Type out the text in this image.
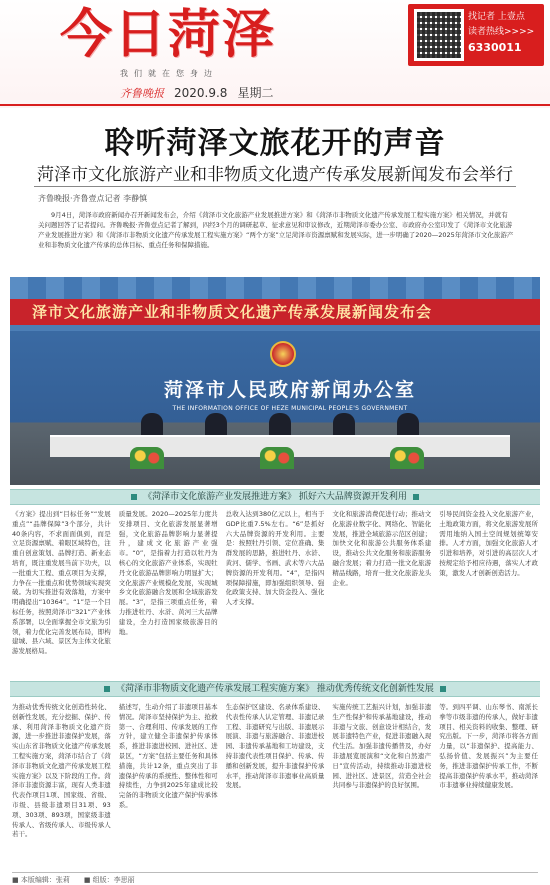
今日菏泽
我们就在您身边
齐鲁晚报 2020.9.8 星期二
找记者 上壹点
读者热线>>>>
6330011
聆听菏泽文旅花开的声音
菏泽市文化旅游产业和非物质文化遗产传承发展新闻发布会举行
齐鲁晚报·齐鲁壹点记者 李静慎
9月4日，菏泽市政府新闻办召开新闻发布会，介绍《菏泽市文化旅游产业发展推进方案》和《菏泽市非物质文化遗产传承发展工程实施方案》相关情况，并就有关问题回答了记者提问。齐鲁晚报·齐鲁壹点记者了解到，四经3个月的调研起草、征求意见和审议修改，近期菏泽市委办公室、市政府办公室印发了《菏泽市文化旅游产业发展推进方案》和《菏泽市非物质文化遗产传承发展工程实施方案》“两个方案”立足菏泽市资源禀赋和发展实际，进一步明确了2020—2025年菏泽市文化旅游产业和非物质文化遗产传承的总体目标、重点任务和保障措施。
泽市文化旅游产业和非物质文化遗产传承发展新闻发布会
菏泽市人民政府新闻办公室
THE INFORMATION OFFICE OF HEZE MUNICIPAL PEOPLE'S GOVERNMENT
《菏泽市文化旅游产业发展推进方案》 抓好六大品牌资源开发利用
《方案》提出到“目标任务”“发展重点”“品牌保障”3个部分，共计40条内容，不求面面俱到，而是立足资源禀赋、着眼区域特色，注重自创意策划、品牌打造、新业态培育，既注重发展当前下功夫，以一批重大工程、重点项目为支撑，力争在一批重点和优势领域实现突破。为切实推进有效落地，方案中明确提出“10364”。“1”是一个目标任务，按照菏泽市“321”产业体系部署，以全面掌握全市文旅为引领，着力优化完善发展布局，即构建城、县六域、景区为主体文化旅游发展格局。
质量发展。2020—2025年力度共安排项目、文化旅游发展显著增强，文化旅游品牌影响力显著提升，建成文化旅游产业强市。“0”，是指着力打造以牡丹为核心的文化旅游产业体系，实现牡丹文化旅游品牌影响力明显扩大；文化旅游产业规模化发展，实现城乡文化旅游融合发展和全域旅游发展。“3”，是指三项重点任务，着力推进牡丹、水浒、黄河三大品牌建设，全力打造国家级旅游目的地。
总收入达到380亿元以上，相当于GDP比重7.5%左右。“6”是抓好六大品牌资源的开发利用。主要是：按照牡丹引领、定位准确、集群发展的思路，推进牡丹、水浒、黄河、儒学、书画、武术等六大品牌资源的开发利用。“4”，是指四项保障措施，即加强组织领导、强化政策支持、加大资金投入、强化人才支撑。
文化和旅游消费促进行动；推动文化旅游业数字化、网络化、智能化发展，推进全域旅游示范区创建；加快文化和旅游公共服务体系建设，推动公共文化服务和旅游服务融合发展；着力打造一批文化旅游精品线路，培育一批文化旅游龙头企业。
引导民间资金投入文化旅游产业，土地政策方面，将文化旅游发展所需用地纳入国土空间规划统筹安排。人才方面，加强文化旅游人才引进和培养，对引进的高层次人才按规定给予相应待遇，落实人才政策，激发人才创新创造活力。
《菏泽市非物质文化遗产传承发展工程实施方案》 推动优秀传统文化创新性发展
为推动优秀传统文化创造性转化、创新性发展，充分挖掘、保护、传承、利用菏泽非物质文化遗产资源，进一步推进非遗保护发展，落实山东省非物质文化遗产传承发展工程实施方案，菏泽市结合了《菏泽市非物质文化遗产传承发展工程实施方案》以及下阶段的工作。菏泽市非遗资源丰富，现有人类非遗代表作项目1项、国家级、省级、市级、县级非遗项目31项、93项、303项、893项，国家级非遗传承人、省级传承人、市级传承人若干。
描述写，生动介绍了非遗项目基本情况。菏泽市坚持保护为主、抢救第一、合理利用、传承发展的工作方针，建立健全非遗保护传承体系，推进非遗进校园、进社区、进景区，“方案”包括主要任务和具体措施，共计12条，重点突出了非遗保护传承的系统性、整体性和可持续性，力争到2025年建成比较完备的非物质文化遗产保护传承体系。
生态保护区建设、名录体系建设、代表性传承人认定管理、非遗记录工程、非遗研究与出版、非遗展示展演、非遗与旅游融合、非遗进校园、非遗传承基地和工坊建设，支持非遗代表性项目保护、传承、传播和创新发展，提升非遗保护传承水平，推动菏泽市非遗事业高质量发展。
实施传统工艺振兴计划，加强非遗生产性保护和传承基地建设，推动非遗与文旅、创意设计相结合，发展非遗特色产业，促进非遗融入现代生活。加强非遗传播普及，办好非遗展览展演和“文化和自然遗产日”宣传活动，持续推动非遗进校园、进社区、进景区，营造全社会共同参与非遗保护的良好氛围。
等。到四平调、山东琴书、南派长拳等市级非遗的传承人，做好非遗项目、相关资料的收集、整理、研究出版。下一步，菏泽市将各方面力量，以“非遗保护、提高能力、弘扬价值、发展振兴”为主要任务，推进非遗保护传承工作，不断提高非遗保护传承水平，推动菏泽市非遗事业持续健康发展。
■ 本版编辑：张莉 ■ 组版：李思丽
